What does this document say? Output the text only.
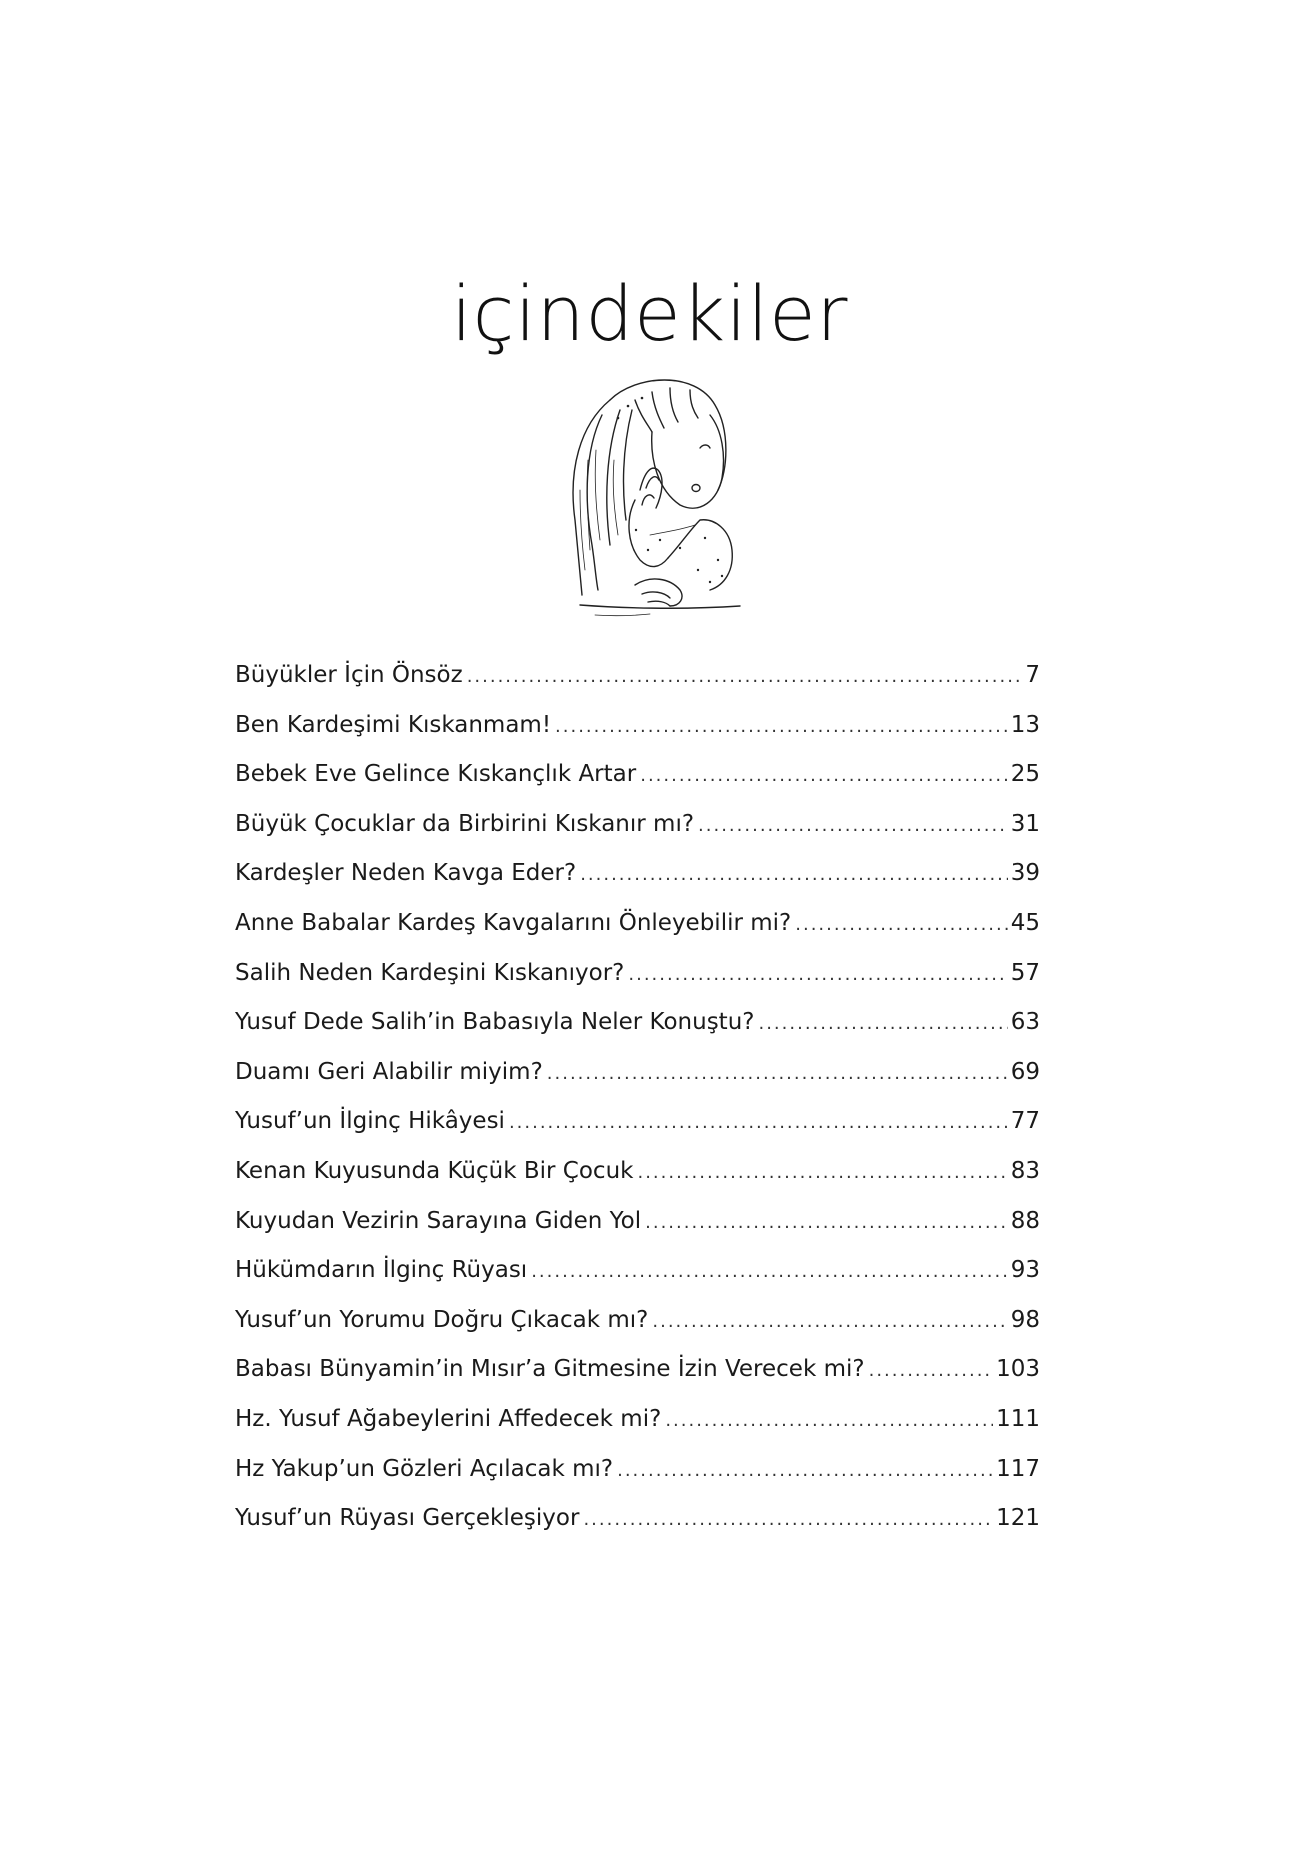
içindekiler
Büyükler İçin Önsöz .....	7
Ben Kardeşimi Kıskanmam! .....	13
Bebek Eve Gelince Kıskançlık Artar .....	25
Büyük Çocuklar da Birbirini Kıskanır mı? .....	31
Kardeşler Neden Kavga Eder? .....	39
Anne Babalar Kardeş Kavgalarını Önleyebilir mi? .....	45
Salih Neden Kardeşini Kıskanıyor? .....	57
Yusuf Dede Salih’in Babasıyla Neler Konuştu? .....	63
Duamı Geri Alabilir miyim? .....	69
Yusuf’un İlginç Hikâyesi .....	77
Kenan Kuyusunda Küçük Bir Çocuk .....	83
Kuyudan Vezirin Sarayına Giden Yol .....	88
Hükümdarın İlginç Rüyası .....	93
Yusuf’un Yorumu Doğru Çıkacak mı? .....	98
Babası Bünyamin’in Mısır’a Gitmesine İzin Verecek mi? .....	103
Hz. Yusuf Ağabeylerini Affedecek mi? .....	111
Hz Yakup’un Gözleri Açılacak mı? .....	117
Yusuf’un Rüyası Gerçekleşiyor .....	121
